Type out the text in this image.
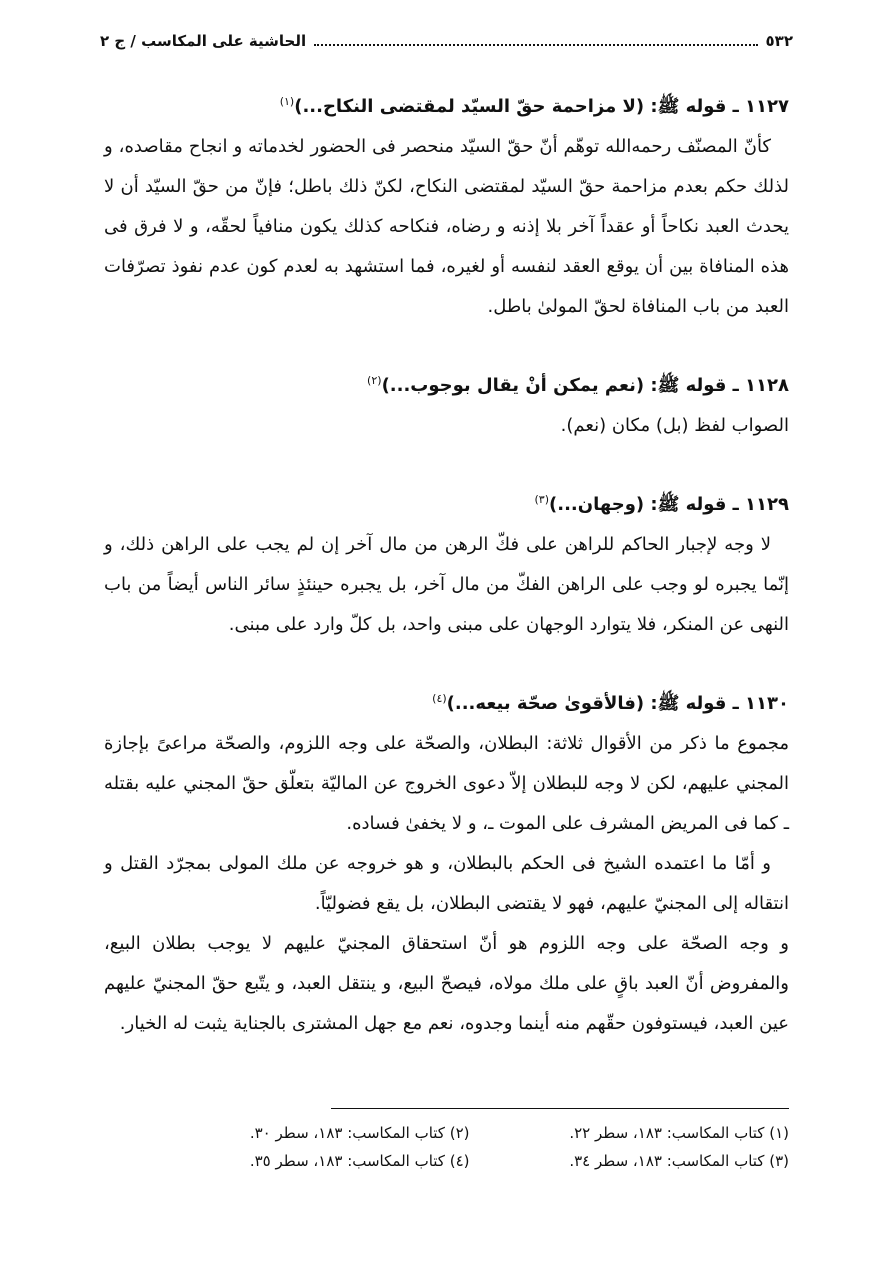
٥٣٢
الحاشية على المكاسب / ج ٢

١١٢٧ ـ قوله ﷺ: (لا مزاحمة حقّ السيّد لمقتضى النكاح...)$^{(١)}$

كأنّ المصنّف رحمه‌الله توهّم أنّ حقّ السيّد منحصر فى الحضور لخدماته و انجاح مقاصده، و لذلك حكم بعدم مزاحمة حقّ السيّد لمقتضى النكاح، لكنّ ذلك باطل؛ فإنّ من حقّ السيّد أن لا يحدث العبد نكاحاً أو عقداً آخر بلا إذنه و رضاه، فنكاحه كذلك يكون منافياً لحقّه، و لا فرق فى هذه المنافاة بين أن يوقع العقد لنفسه أو لغيره، فما استشهد به لعدم كون عدم نفوذ تصرّفات العبد من باب المنافاة لحقّ المولىٰ باطل.

١١٢٨ ـ قوله ﷺ: (نعم يمكن أنْ يقال بوجوب...)$^{(٢)}$

الصواب لفظ (بل) مكان (نعم).

١١٢٩ ـ قوله ﷺ: (وجهان...)$^{(٣)}$

لا وجه لإجبار الحاكم للراهن على فكّ الرهن من مال آخر إن لم يجب على الراهن ذلك، و إنّما يجبره لو وجب على الراهن الفكّ من مال آخر، بل يجبره حينئذٍ سائر الناس أيضاً من باب النهى عن المنكر، فلا يتوارد الوجهان على مبنى واحد، بل كلّ وارد على مبنى.

١١٣٠ ـ قوله ﷺ: (فالأقوىٰ صحّة بيعه...)$^{(٤)}$

مجموع ما ذكر من الأقوال ثلاثة: البطلان، والصحّة على وجه اللزوم، والصحّة مراعىً بإجازة المجني عليهم، لكن لا وجه للبطلان إلاّ دعوى الخروج عن الماليّة بتعلّق حقّ المجني عليه بقتله ـ كما فى المريض المشرف على الموت ـ، و لا يخفىٰ فساده.

و أمّا ما اعتمده الشيخ فى الحكم بالبطلان، و هو خروجه عن ملك المولى بمجرّد القتل و انتقاله إلى المجنيّ عليهم، فهو لا يقتضى البطلان، بل يقع فضوليّاً.

و وجه الصحّة على وجه اللزوم هو أنّ استحقاق المجنيّ عليهم لا يوجب بطلان البيع، والمفروض أنّ العبد باقٍ على ملك مولاه، فيصحّ البيع، و ينتقل العبد، و يتّبع حقّ المجنيّ عليهم عين العبد، فيستوفون حقّهم منه أينما وجدوه، نعم مع جهل المشترى بالجناية يثبت له الخيار.

(١) كتاب المكاسب: ١٨٣، سطر ٢٢.
(٢) كتاب المكاسب: ١٨٣، سطر ٣٠.
(٣) كتاب المكاسب: ١٨٣، سطر ٣٤.
(٤) كتاب المكاسب: ١٨٣، سطر ٣٥.
